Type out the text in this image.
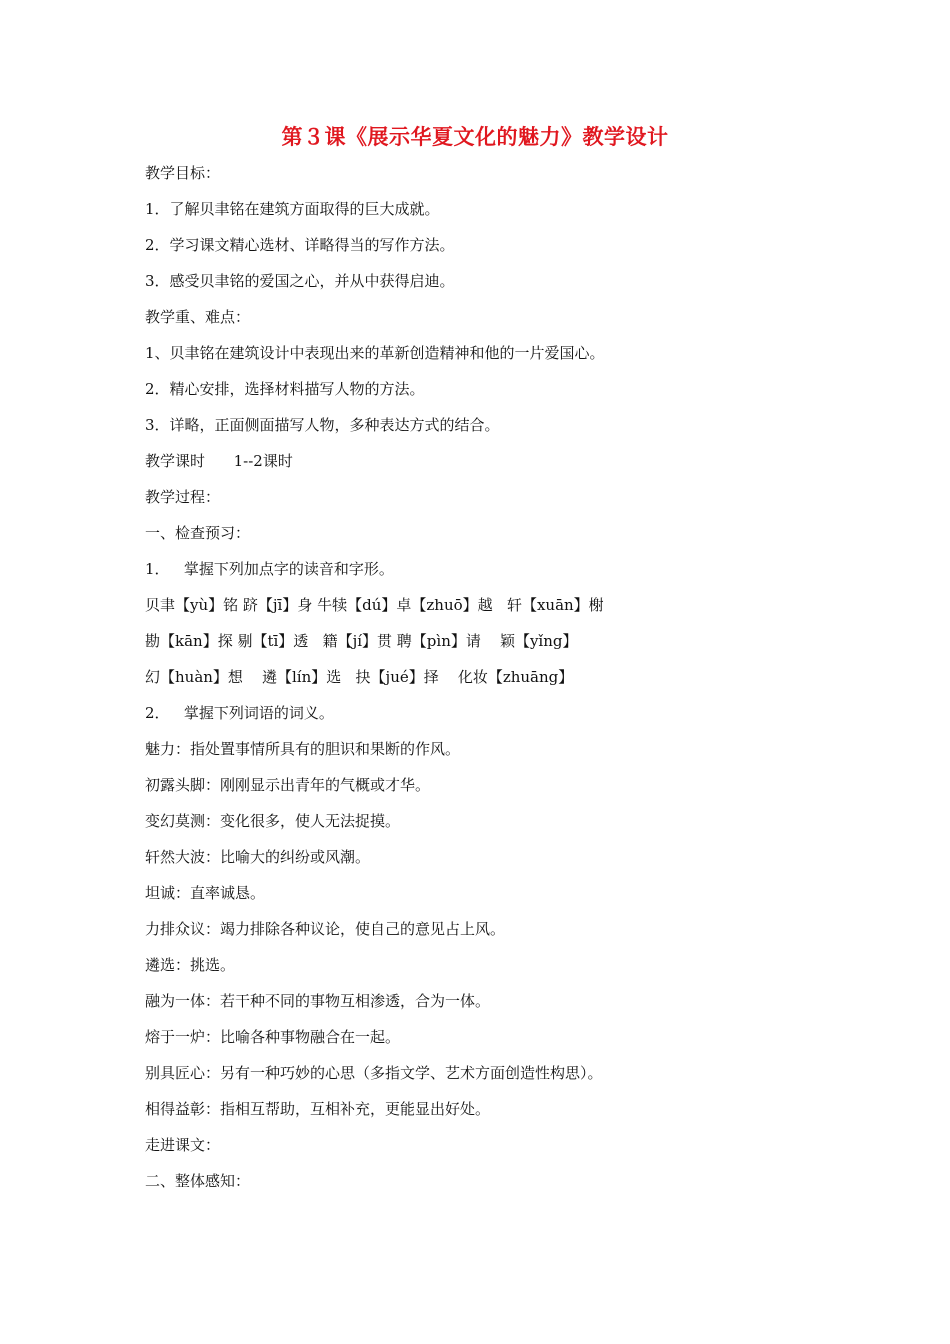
第３课《展示华夏文化的魅力》教学设计
教学目标：
1．了解贝聿铭在建筑方面取得的巨大成就。
2．学习课文精心选材、详略得当的写作方法。
3．感受贝聿铭的爱国之心，并从中获得启迪。
教学重、难点：
1、贝聿铭在建筑设计中表现出来的革新创造精神和他的一片爱国心。
2．精心安排，选择材料描写人物的方法。
3．详略，正面侧面描写人物，多种表达方式的结合。
教学课时      1--2课时
教学过程：
一、检查预习：
1．   掌握下列加点字的读音和字形。
贝聿【yù】铭 跻【jī】身 牛犊【dú】卓【zhuō】越   轩【xuān】榭
勘【kān】探 剔【tī】透   籍【jí】贯 聘【pìn】请    颖【yǐng】
幻【huàn】想    遴【lín】选   抉【jué】择    化妆【zhuāng】
2．   掌握下列词语的词义。
魅力：指处置事情所具有的胆识和果断的作风。
初露头脚：刚刚显示出青年的气概或才华。
变幻莫测：变化很多，使人无法捉摸。
轩然大波：比喻大的纠纷或风潮。
坦诚：直率诚恳。
力排众议：竭力排除各种议论，使自己的意见占上风。
遴选：挑选。
融为一体：若干种不同的事物互相渗透，合为一体。
熔于一炉：比喻各种事物融合在一起。
别具匠心：另有一种巧妙的心思（多指文学、艺术方面创造性构思）。
相得益彰：指相互帮助，互相补充，更能显出好处。
走进课文：
二、整体感知：
